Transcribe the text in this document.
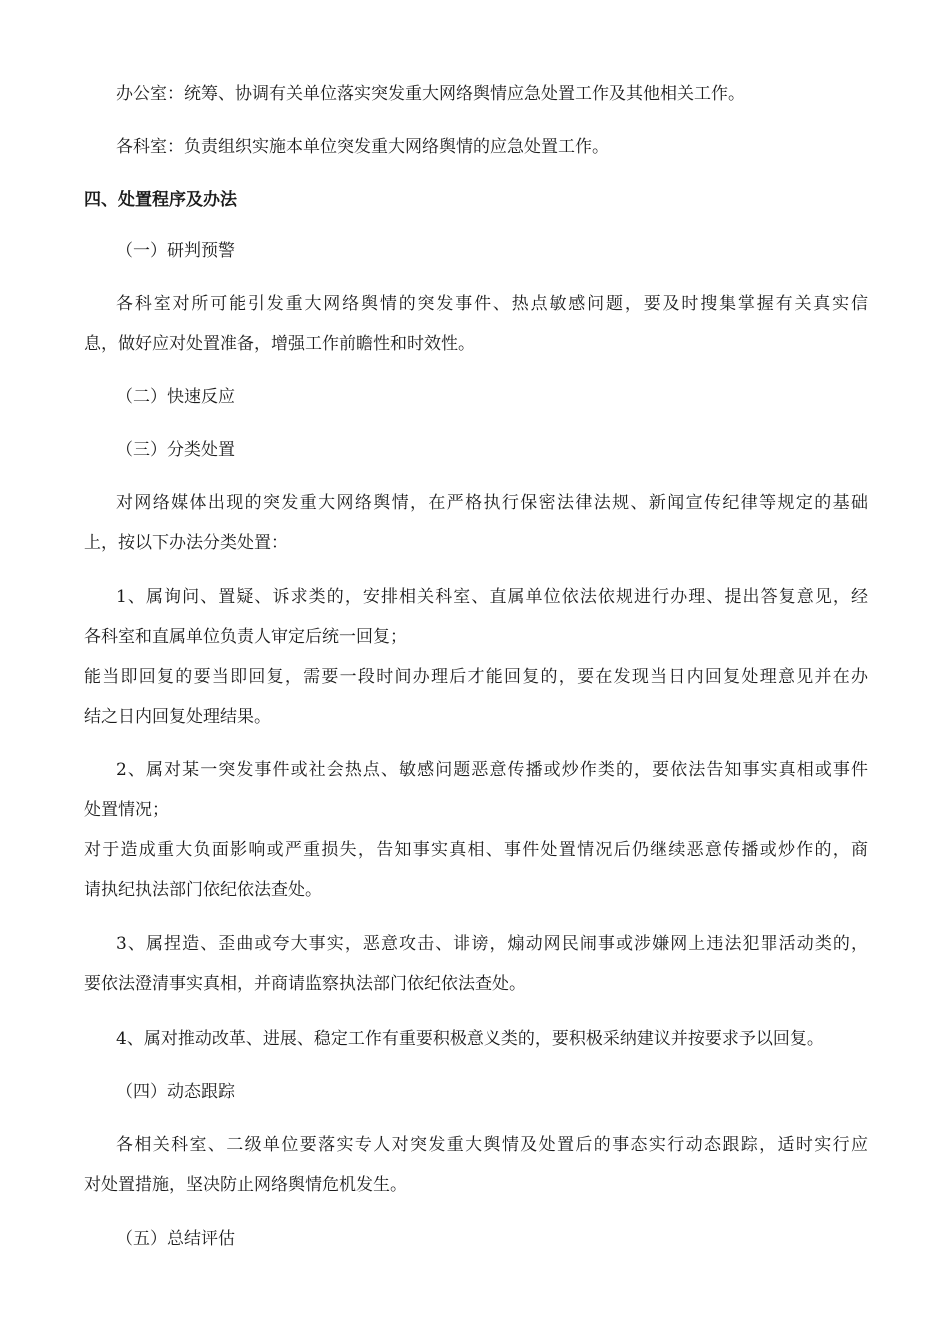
办公室：统筹、协调有关单位落实突发重大网络舆情应急处置工作及其他相关工作。
各科室：负责组织实施本单位突发重大网络舆情的应急处置工作。
四、处置程序及办法
（一）研判预警
各科室对所可能引发重大网络舆情的突发事件、热点敏感问题，要及时搜集掌握有关真实信
息，做好应对处置准备，增强工作前瞻性和时效性。
（二）快速反应
（三）分类处置
对网络媒体出现的突发重大网络舆情，在严格执行保密法律法规、新闻宣传纪律等规定的基础
上，按以下办法分类处置：
1、属询问、置疑、诉求类的，安排相关科室、直属单位依法依规进行办理、提出答复意见，经
各科室和直属单位负责人审定后统一回复；
能当即回复的要当即回复，需要一段时间办理后才能回复的，要在发现当日内回复处理意见并在办
结之日内回复处理结果。
2、属对某一突发事件或社会热点、敏感问题恶意传播或炒作类的，要依法告知事实真相或事件
处置情况；
对于造成重大负面影响或严重损失，告知事实真相、事件处置情况后仍继续恶意传播或炒作的，商
请执纪执法部门依纪依法查处。
3、属捏造、歪曲或夸大事实，恶意攻击、诽谤，煽动网民闹事或涉嫌网上违法犯罪活动类的，
要依法澄清事实真相，并商请监察执法部门依纪依法查处。
4、属对推动改革、进展、稳定工作有重要积极意义类的，要积极采纳建议并按要求予以回复。
（四）动态跟踪
各相关科室、二级单位要落实专人对突发重大舆情及处置后的事态实行动态跟踪，适时实行应
对处置措施，坚决防止网络舆情危机发生。
（五）总结评估
